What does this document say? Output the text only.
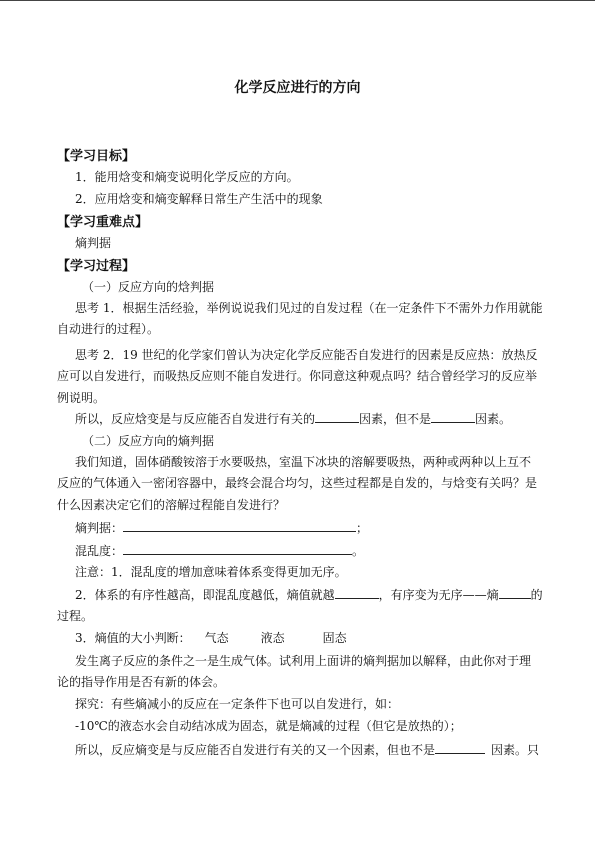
化学反应进行的方向
【学习目标】
1．能用焓变和熵变说明化学反应的方向。
2．应用焓变和熵变解释日常生产生活中的现象
【学习重难点】
熵判据
【学习过程】
（一）反应方向的焓判据
思考 1．根据生活经验，举例说说我们见过的自发过程（在一定条件下不需外力作用就能
自动进行的过程）。
思考 2．19 世纪的化学家们曾认为决定化学反应能否自发进行的因素是反应热：放热反
应可以自发进行，而吸热反应则不能自发进行。你同意这种观点吗？结合曾经学习的反应举
例说明。
所以，反应焓变是与反应能否自发进行有关的	因素，但不是	因素。
（二）反应方向的熵判据
我们知道，固体硝酸铵溶于水要吸热，室温下冰块的溶解要吸热，两种或两种以上互不
反应的气体通入一密闭容器中，最终会混合均匀，这些过程都是自发的，与焓变有关吗？是
什么因素决定它们的溶解过程能自发进行？
熵判据：	；
混乱度：	。
注意：1．混乱度的增加意味着体系变得更加无序。
2．体系的有序性越高，即混乱度越低，熵值就越	，有序变为无序——熵	的
过程。
3．熵值的大小判断： 气态	液态	固态
发生离子反应的条件之一是生成气体。试利用上面讲的熵判据加以解释，由此你对于理
论的指导作用是否有新的体会。
探究：有些熵减小的反应在一定条件下也可以自发进行，如：
-10℃的液态水会自动结冰成为固态，就是熵减的过程（但它是放热的）；
所以，反应熵变是与反应能否自发进行有关的又一个因素，但也不是	因素。只
